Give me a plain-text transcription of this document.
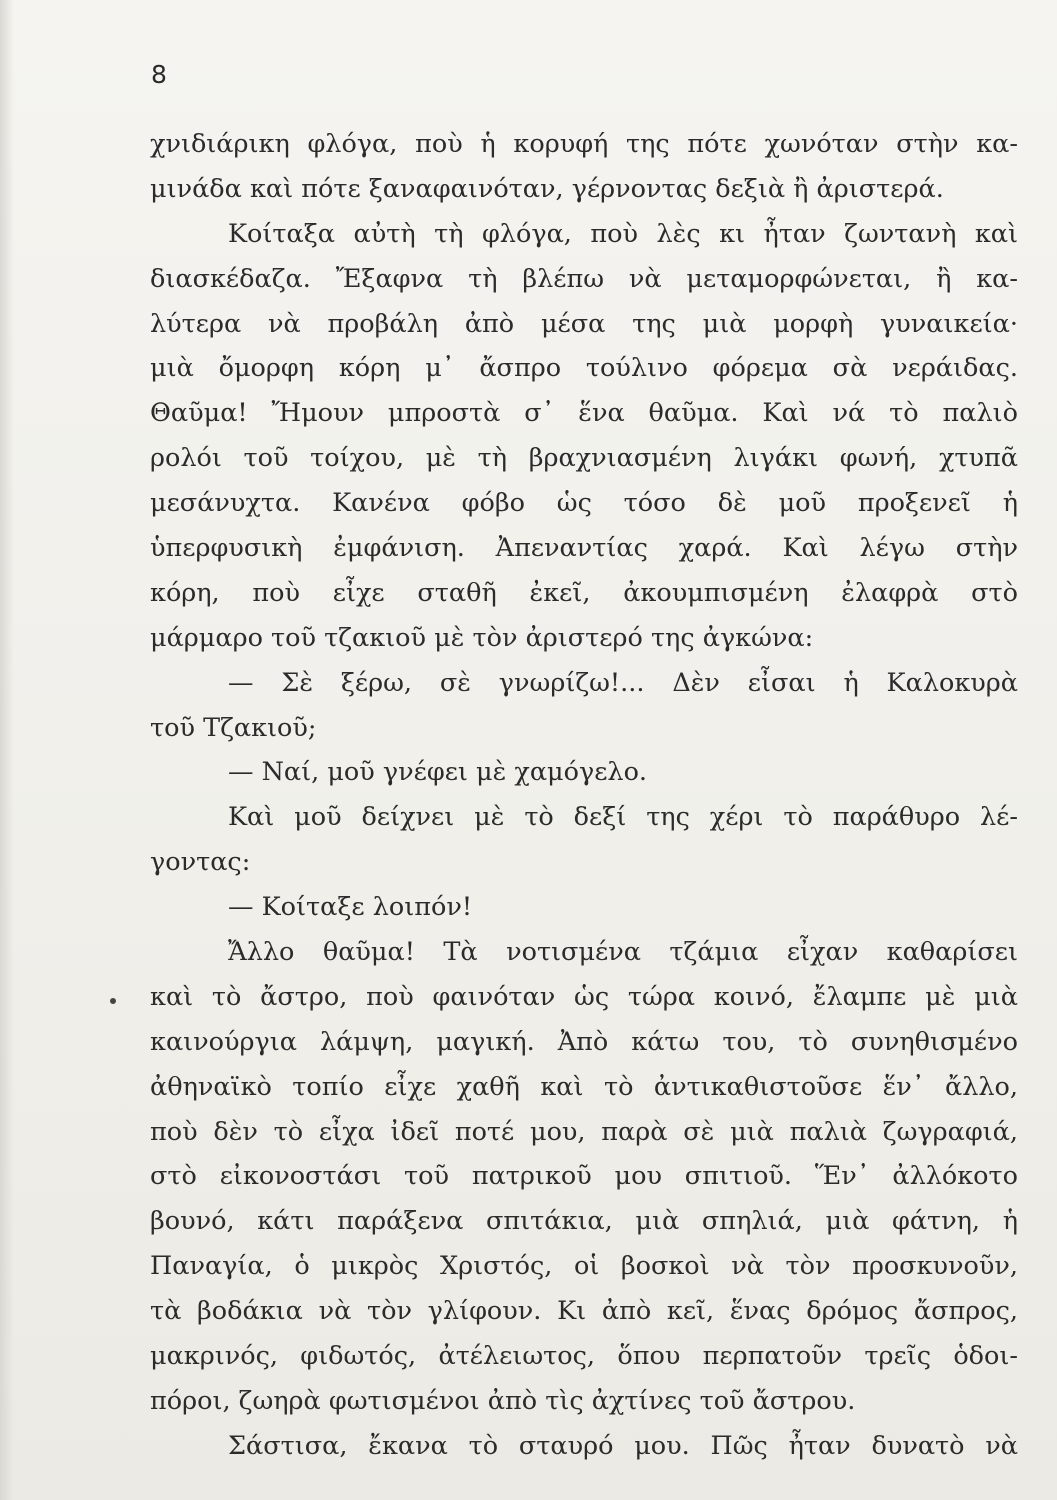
8
χνιδιάρικη φλόγα, ποὺ ἡ κορυφή της πότε χωνόταν στὴν κα-
μινάδα καὶ πότε ξαναφαινόταν, γέρνοντας δεξιὰ ἢ ἀριστερά.
Κοίταξα αὐτὴ τὴ φλόγα, ποὺ λὲς κι ἦταν ζωντανὴ καὶ
διασκέδαζα. Ἔξαφνα τὴ βλέπω νὰ μεταμορφώνεται, ἢ κα-
λύτερα νὰ προβάλη ἀπὸ μέσα της μιὰ μορφὴ γυναικεία·
μιὰ ὄμορφη κόρη μ᾿ ἄσπρο τούλινο φόρεμα σὰ νεράιδας.
Θαῦμα! Ἤμουν μπροστὰ σ᾿ ἕνα θαῦμα. Καὶ νά τὸ παλιὸ
ρολόι τοῦ τοίχου, μὲ τὴ βραχνιασμένη λιγάκι φωνή, χτυπᾶ
μεσάνυχτα. Κανένα φόβο ὡς τόσο δὲ μοῦ προξενεῖ ἡ
ὑπερφυσικὴ ἐμφάνιση. Ἀπεναντίας χαρά. Καὶ λέγω στὴν
κόρη, ποὺ εἶχε σταθῆ ἐκεῖ, ἀκουμπισμένη ἐλαφρὰ στὸ
μάρμαρο τοῦ τζακιοῦ μὲ τὸν ἀριστερό της ἀγκώνα:
— Σὲ ξέρω, σὲ γνωρίζω!... Δὲν εἶσαι ἡ Καλοκυρὰ
τοῦ Τζακιοῦ;
— Ναί, μοῦ γνέφει μὲ χαμόγελο.
Καὶ μοῦ δείχνει μὲ τὸ δεξί της χέρι τὸ παράθυρο λέ-
γοντας:
— Κοίταξε λοιπόν!
Ἄλλο θαῦμα! Τὰ νοτισμένα τζάμια εἶχαν καθαρίσει
καὶ τὸ ἄστρο, ποὺ φαινόταν ὡς τώρα κοινό, ἔλαμπε μὲ μιὰ
καινούργια λάμψη, μαγική. Ἀπὸ κάτω του, τὸ συνηθισμένο
ἀθηναϊκὸ τοπίο εἶχε χαθῆ καὶ τὸ ἀντικαθιστοῦσε ἕν᾿ ἄλλο,
ποὺ δὲν τὸ εἶχα ἰδεῖ ποτέ μου, παρὰ σὲ μιὰ παλιὰ ζωγραφιά,
στὸ εἰκονοστάσι τοῦ πατρικοῦ μου σπιτιοῦ. Ἕν᾿ ἀλλόκοτο
βουνό, κάτι παράξενα σπιτάκια, μιὰ σπηλιά, μιὰ φάτνη, ἡ
Παναγία, ὁ μικρὸς Χριστός, οἱ βοσκοὶ νὰ τὸν προσκυνοῦν,
τὰ βοδάκια νὰ τὸν γλίφουν. Κι ἀπὸ κεῖ, ἕνας δρόμος ἄσπρος,
μακρινός, φιδωτός, ἀτέλειωτος, ὅπου περπατοῦν τρεῖς ὁδοι-
πόροι, ζωηρὰ φωτισμένοι ἀπὸ τὶς ἀχτίνες τοῦ ἄστρου.
Σάστισα, ἔκανα τὸ σταυρό μου. Πῶς ἦταν δυνατὸ νὰ
